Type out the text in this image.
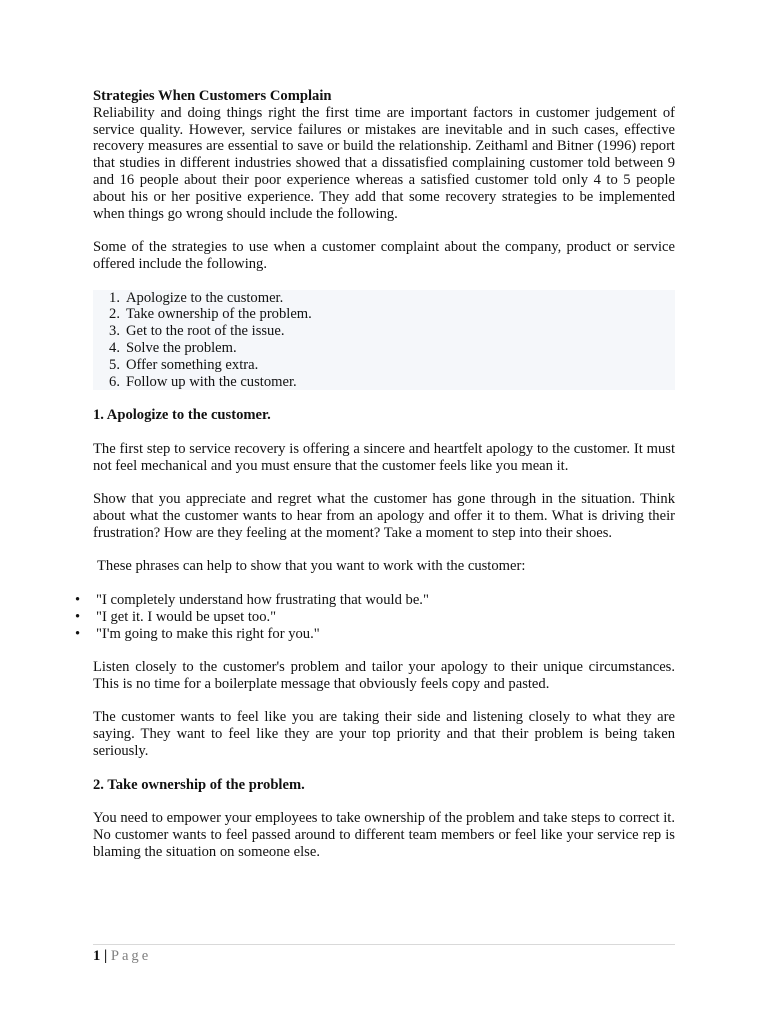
Strategies When Customers Complain

Reliability and doing things right the first time are important factors in customer judgement of service quality. However, service failures or mistakes are inevitable and in such cases, effective recovery measures are essential to save or build the relationship. Zeithaml and Bitner (1996) report that studies in different industries showed that a dissatisfied complaining customer told between 9 and 16 people about their poor experience whereas a satisfied customer told only 4 to 5 people about his or her positive experience. They add that some recovery strategies to be implemented when things go wrong should include the following.

Some of the strategies to use when a customer complaint about the company, product or service offered include the following.

1. Apologize to the customer.
2. Take ownership of the problem.
3. Get to the root of the issue.
4. Solve the problem.
5. Offer something extra.
6. Follow up with the customer.

1. Apologize to the customer.

The first step to service recovery is offering a sincere and heartfelt apology to the customer. It must not feel mechanical and you must ensure that the customer feels like you mean it.

Show that you appreciate and regret what the customer has gone through in the situation. Think about what the customer wants to hear from an apology and offer it to them. What is driving their frustration? How are they feeling at the moment? Take a moment to step into their shoes.

These phrases can help to show that you want to work with the customer:

• "I completely understand how frustrating that would be."
• "I get it. I would be upset too."
• "I'm going to make this right for you."

Listen closely to the customer's problem and tailor your apology to their unique circumstances. This is no time for a boilerplate message that obviously feels copy and pasted.

The customer wants to feel like you are taking their side and listening closely to what they are saying. They want to feel like they are your top priority and that their problem is being taken seriously.

2. Take ownership of the problem.

You need to empower your employees to take ownership of the problem and take steps to correct it. No customer wants to feel passed around to different team members or feel like your service rep is blaming the situation on someone else.

1 | Page
